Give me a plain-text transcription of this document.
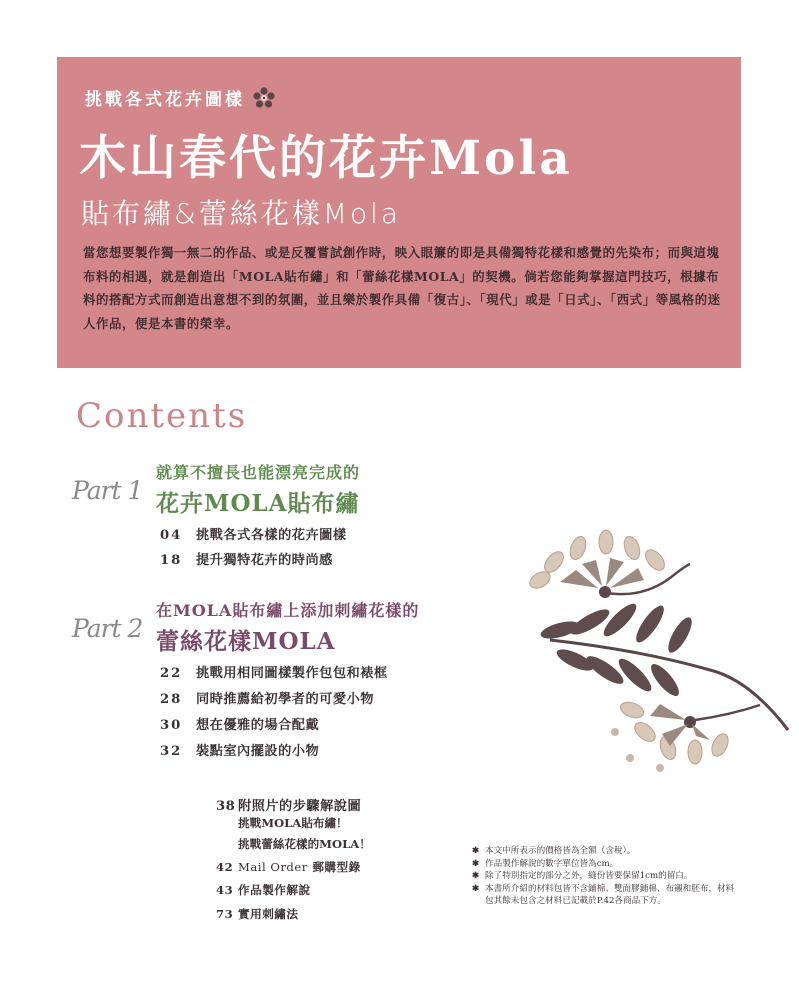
挑戰各式花卉圖樣
木山春代的花卉Mola
貼布繡&蕾絲花樣Mola

當您想要製作獨一無二的作品、或是反覆嘗試創作時，映入眼簾的即是具備獨特花樣和感覺的先染布；而與這塊布料的相遇，就是創造出「MOLA貼布繡」和「蕾絲花樣MOLA」的契機。倘若您能夠掌握這門技巧，根據布料的搭配方式而創造出意想不到的氛圍，並且樂於製作具備「復古」、「現代」或是「日式」、「西式」等風格的迷人作品，便是本書的榮幸。

Contents
Part 1
就算不擅長也能漂亮完成的
花卉MOLA貼布繡
04 挑戰各式各樣的花卉圖樣
18 提升獨特花卉的時尚感
Part 2
在MOLA貼布繡上添加刺繡花樣的
蕾絲花樣MOLA
22 挑戰用相同圖樣製作包包和裱框
28 同時推薦給初學者的可愛小物
30 想在優雅的場合配戴
32 裝點室內擺設的小物
38 附照片的步驟解說圖
挑戰MOLA貼布繡！
挑戰蕾絲花樣的MOLA！
42 Mail Order 郵購型錄
43 作品製作解說
73 實用刺繡法
✱ 本文中所表示的價格皆為全額（含稅）。
✱ 作品製作解說的數字單位皆為cm。
✱ 除了特別指定的部分之外，縫份皆要保留1cm的留白。
✱ 本書所介紹的材料包皆不含鋪棉、雙面膠鋪棉、布襯和胚布，材料包其餘未包含之材料已記載於P.42各商品下方。
